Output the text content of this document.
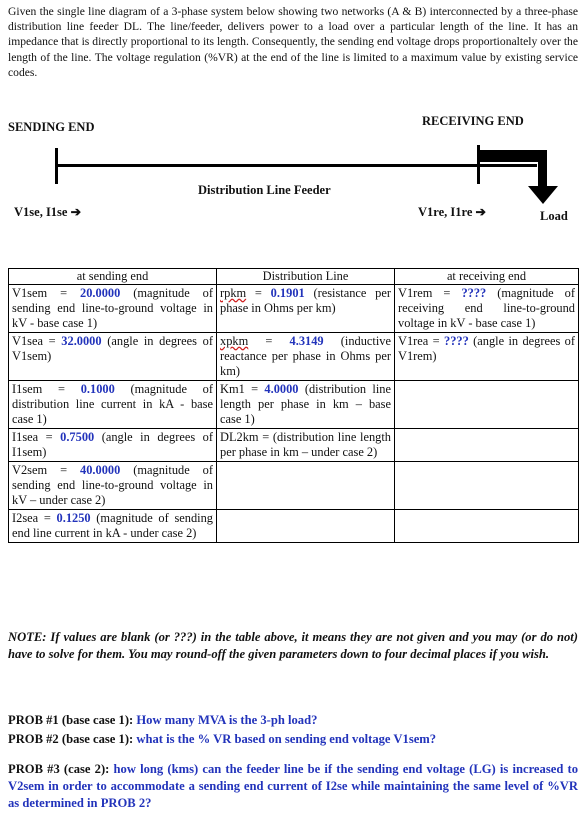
Given the single line diagram of a 3-phase system below showing two networks (A & B) interconnected by a three-phase distribution line feeder DL. The line/feeder, delivers power to a load over a particular length of the line. It has an impedance that is directly proportional to its length. Consequently, the sending end voltage drops proportionaltely over the length of the line. The voltage regulation (%VR) at the end of the line is limited to a maximum value by existing service codes.
SENDING END	RECEIVING END
Distribution Line Feeder
V1se, I1se ➔	V1re, I1re ➔	Load
at sending end	Distribution Line	at receiving end
V1sem = 20.0000 (magnitude of sending end line-to-ground voltage in kV - base case 1)	rpkm = 0.1901 (resistance per phase in Ohms per km)	V1rem = ???? (magnitude of receiving end line-to-ground voltage in kV - base case 1)
V1sea = 32.0000 (angle in degrees of V1sem)	xpkm = 4.3149 (inductive reactance per phase in Ohms per km)	V1rea = ???? (angle in degrees of V1rem)
I1sem = 0.1000 (magnitude of distribution line current in kA - base case 1)	Km1 = 4.0000 (distribution line length per phase in km – base case 1)	
I1sea = 0.7500 (angle in degrees of I1sem)	DL2km = (distribution line length per phase in km – under case 2)	
V2sem = 40.0000 (magnitude of sending end line-to-ground voltage in kV – under case 2)		
I2sea = 0.1250 (magnitude of sending end line current in kA - under case 2)		
NOTE: If values are blank (or ???) in the table above, it means they are not given and you may (or do not) have to solve for them. You may round-off the given parameters down to four decimal places if you wish.
PROB #1 (base case 1): How many MVA is the 3-ph load?
PROB #2 (base case 1): what is the % VR based on sending end voltage V1sem?
PROB #3 (case 2): how long (kms) can the feeder line be if the sending end voltage (LG) is increased to V2sem in order to accommodate a sending end current of I2se while maintaining the same level of %VR as determined in PROB 2?
